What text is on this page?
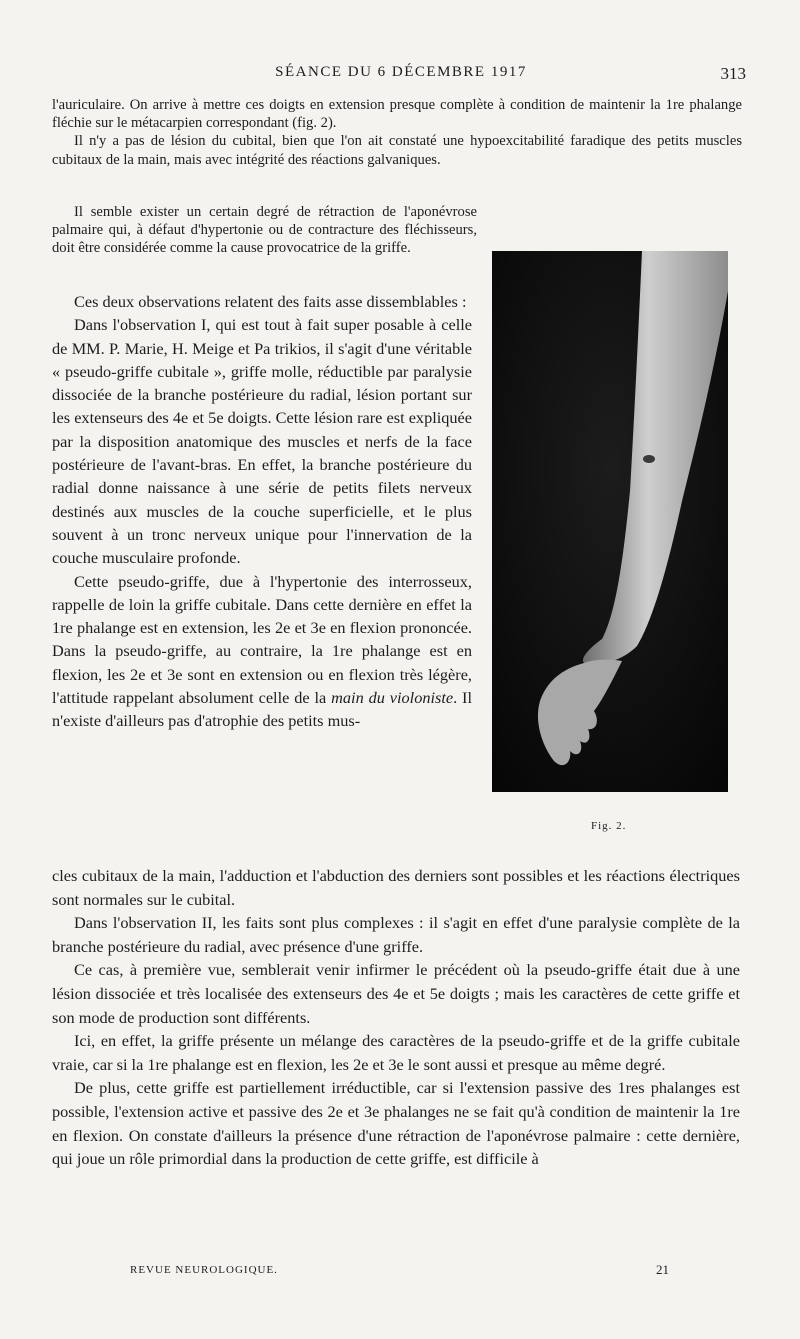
SÉANCE DU 6 DÉCEMBRE 1917	313

l'auriculaire. On arrive à mettre ces doigts en extension presque complète à condition de maintenir la 1re phalange fléchie sur le métacarpien correspondant (fig. 2).

Il n'y a pas de lésion du cubital, bien que l'on ait constaté une hypoexcitabilité faradique des petits muscles cubitaux de la main, mais avec intégrité des réactions galvaniques.

Il semble exister un certain degré de rétraction de l'aponévrose palmaire qui, à défaut d'hypertonie ou de contracture des fléchisseurs, doit être considérée comme la cause provocatrice de la griffe.

Ces deux observations relatent des faits asse dissemblables :

Dans l'observation I, qui est tout à fait super posable à celle de MM. P. Marie, H. Meige et Pa trikios, il s'agit d'une véritable « pseudo-griffe cubitale », griffe molle, réductible par paralysie dissociée de la branche postérieure du radial, lésion portant sur les extenseurs des 4e et 5e doigts. Cette lésion rare est expliquée par la disposition anatomique des muscles et nerfs de la face postérieure de l'avant-bras. En effet, la branche postérieure du radial donne naissance à une série de petits filets nerveux destinés aux muscles de la couche superficielle, et le plus souvent à un tronc nerveux unique pour l'innervation de la couche musculaire profonde.

Cette pseudo-griffe, due à l'hypertonie des interrosseux, rappelle de loin la griffe cubitale. Dans cette dernière en effet la 1re phalange est en extension, les 2e et 3e en flexion prononcée. Dans la pseudo-griffe, au contraire, la 1re phalange est en flexion, les 2e et 3e sont en extension ou en flexion très légère, l'attitude rappelant absolument celle de la main du violoniste. Il n'existe d'ailleurs pas d'atrophie des petits mus-

Fig. 2.

cles cubitaux de la main, l'adduction et l'abduction des derniers sont possibles et les réactions électriques sont normales sur le cubital.

Dans l'observation II, les faits sont plus complexes : il s'agit en effet d'une paralysie complète de la branche postérieure du radial, avec présence d'une griffe.

Ce cas, à première vue, semblerait venir infirmer le précédent où la pseudo-griffe était due à une lésion dissociée et très localisée des extenseurs des 4e et 5e doigts ; mais les caractères de cette griffe et son mode de production sont différents.

Ici, en effet, la griffe présente un mélange des caractères de la pseudo-griffe et de la griffe cubitale vraie, car si la 1re phalange est en flexion, les 2e et 3e le sont aussi et presque au même degré.

De plus, cette griffe est partiellement irréductible, car si l'extension passive des 1res phalanges est possible, l'extension active et passive des 2e et 3e phalanges ne se fait qu'à condition de maintenir la 1re en flexion. On constate d'ailleurs la présence d'une rétraction de l'aponévrose palmaire : cette dernière, qui joue un rôle primordial dans la production de cette griffe, est difficile à

REVUE NEUROLOGIQUE.	21
